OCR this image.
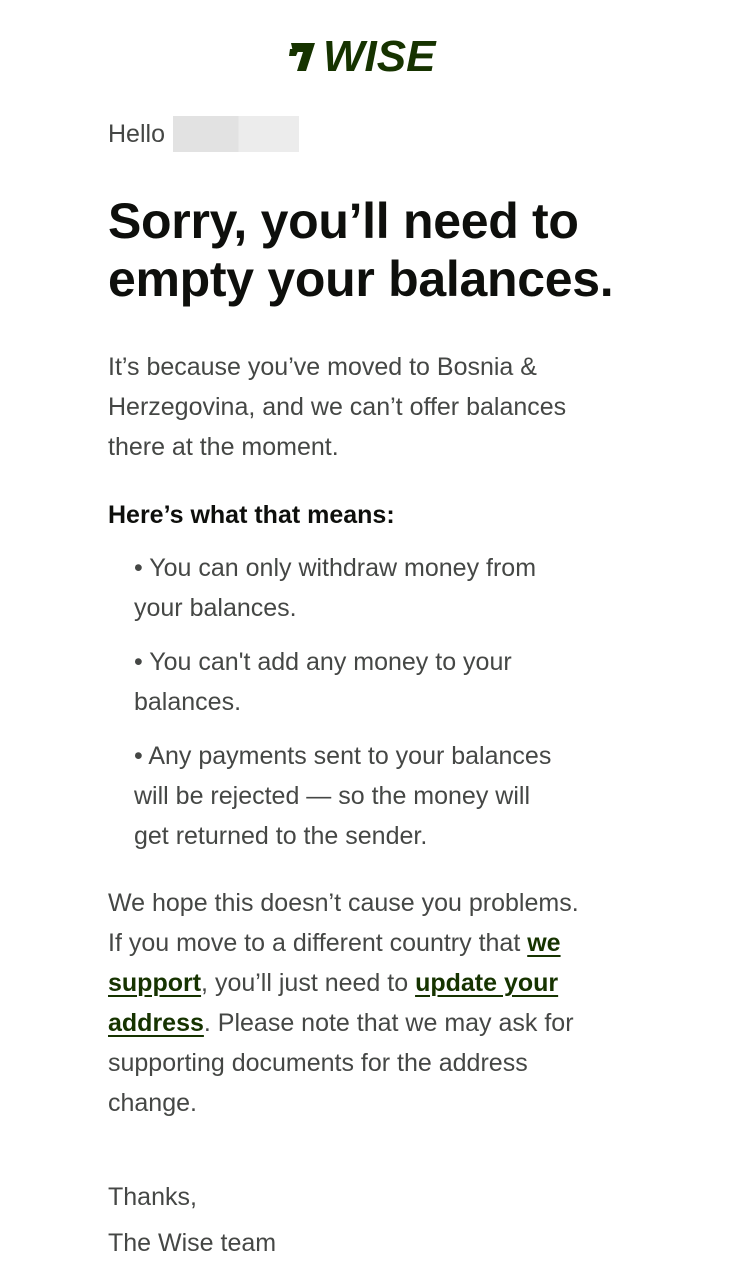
WISE
Hello
Sorry, you’ll need to
empty your balances.

It’s because you’ve moved to Bosnia &
Herzegovina, and we can’t offer balances
there at the moment.

Here’s what that means:

• You can only withdraw money from
your balances.
• You can't add any money to your
balances.
• Any payments sent to your balances
will be rejected — so the money will
get returned to the sender.

We hope this doesn’t cause you problems.
If you move to a different country that we
support, you’ll just need to update your
address. Please note that we may ask for
supporting documents for the address
change.

Thanks,

The Wise team
